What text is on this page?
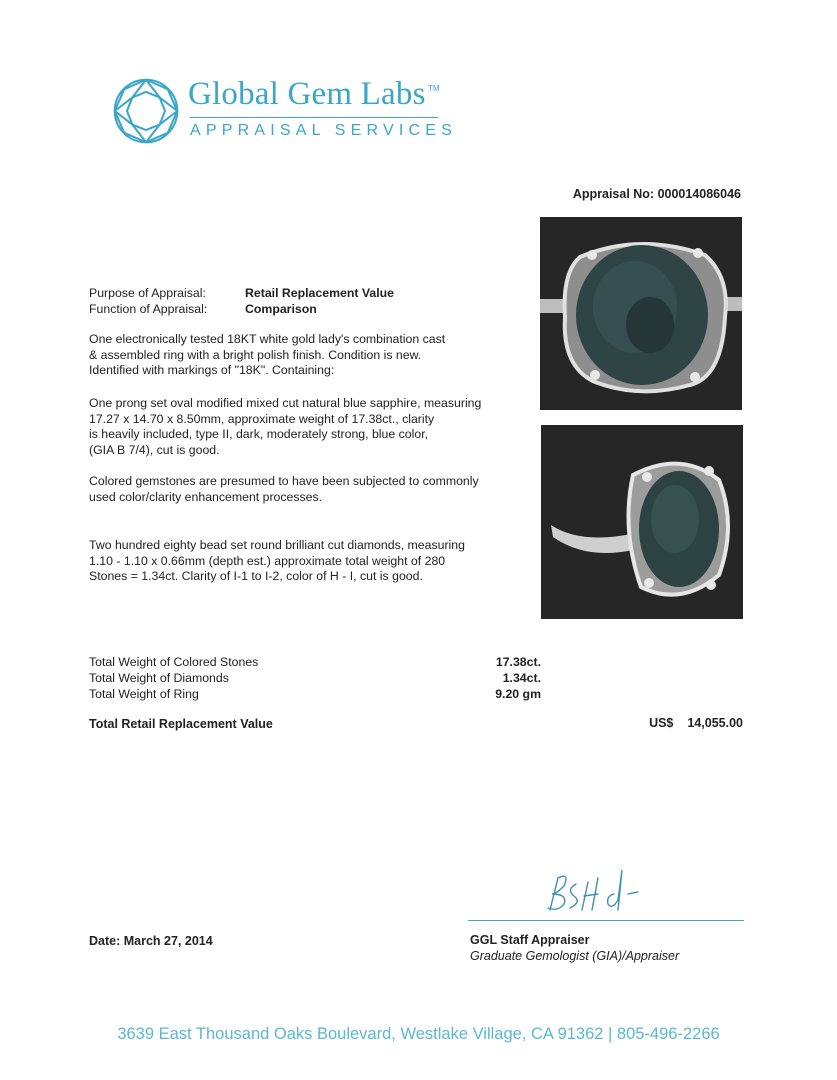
Global Gem Labs TM
APPRAISAL SERVICES
Appraisal No: 000014086046
Purpose of Appraisal:	Retail Replacement Value
Function of Appraisal:	Comparison
One electronically tested 18KT white gold lady's combination cast
& assembled ring with a bright polish finish. Condition is new.
Identified with markings of "18K". Containing:
One prong set oval modified mixed cut natural blue sapphire, measuring
17.27 x 14.70 x 8.50mm, approximate weight of 17.38ct., clarity
is heavily included, type II, dark, moderately strong, blue color,
(GIA B 7/4), cut is good.
Colored gemstones are presumed to have been subjected to commonly
used color/clarity enhancement processes.
Two hundred eighty bead set round brilliant cut diamonds, measuring
1.10 - 1.10 x 0.66mm (depth est.) approximate total weight of 280
Stones = 1.34ct. Clarity of I-1 to I-2, color of H - I, cut is good.
Total Weight of Colored Stones	17.38ct.
Total Weight of Diamonds	1.34ct.
Total Weight of Ring	9.20 gm
Total Retail Replacement Value	US$ 14,055.00
Date: March 27, 2014	GGL Staff Appraiser
Graduate Gemologist (GIA)/Appraiser
3639 East Thousand Oaks Boulevard, Westlake Village, CA 91362 | 805-496-2266
